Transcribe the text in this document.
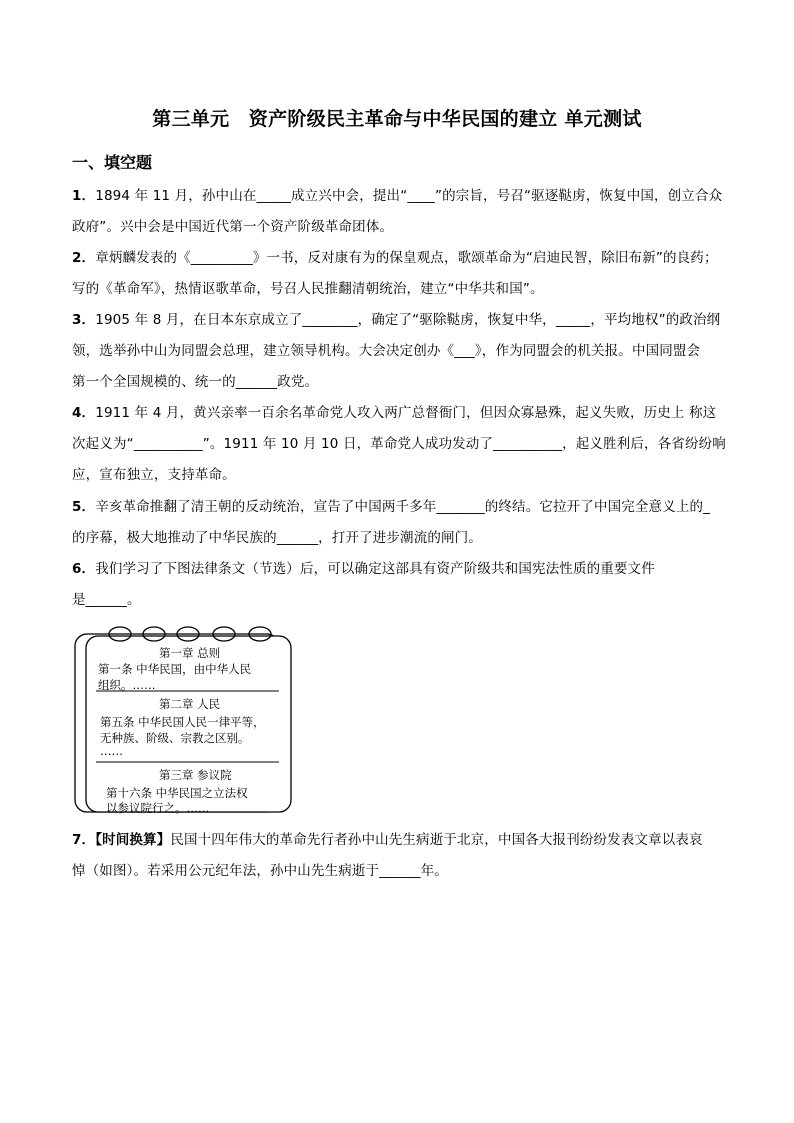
第三单元　资产阶级民主革命与中华民国的建立 单元测试
一、填空题
1．1894 年 11 月，孙中山在_____成立兴中会，提出“____”的宗旨，号召“驱逐鞑虏，恢复中国，创立合众
政府”。兴中会是中国近代第一个资产阶级革命团体。
2．章炳麟发表的《_________》一书，反对康有为的保皇观点，歌颂革命为“启迪民智，除旧布新”的良药；
写的《革命军》，热情讴歌革命，号召人民推翻清朝统治，建立“中华共和国”。
3．1905 年 8 月，在日本东京成立了________，确定了“驱除鞑虏，恢复中华，_____，平均地权”的政治纲
领，选举孙中山为同盟会总理，建立领导机构。大会决定创办《___》，作为同盟会的机关报。中国同盟会
第一个全国规模的、统一的______政党。
4．1911 年 4 月，黄兴亲率一百余名革命党人攻入两广总督衙门，但因众寡悬殊，起义失败，历史上 称这
次起义为“__________”。1911 年 10 月 10 日，革命党人成功发动了__________，起义胜利后，各省纷纷响
应，宣布独立，支持革命。
5．辛亥革命推翻了清王朝的反动统治，宣告了中国两千多年_______的终结。它拉开了中国完全意义上的_
的序幕，极大地推动了中华民族的______，打开了进步潮流的闸门。
6．我们学习了下图法律条文（节选）后，可以确定这部具有资产阶级共和国宪法性质的重要文件
是______。
第一章 总则
第一条 中华民国，由中华人民
组织。……
第二章 人民
第五条 中华民国人民一律平等，
无种族、阶级、宗教之区别。
……
第三章 参议院
第十六条 中华民国之立法权
以参议院行之。……
7．【时间换算】民国十四年伟大的革命先行者孙中山先生病逝于北京，中国各大报刊纷纷发表文章以表哀
悼（如图）。若采用公元纪年法，孙中山先生病逝于______年。
